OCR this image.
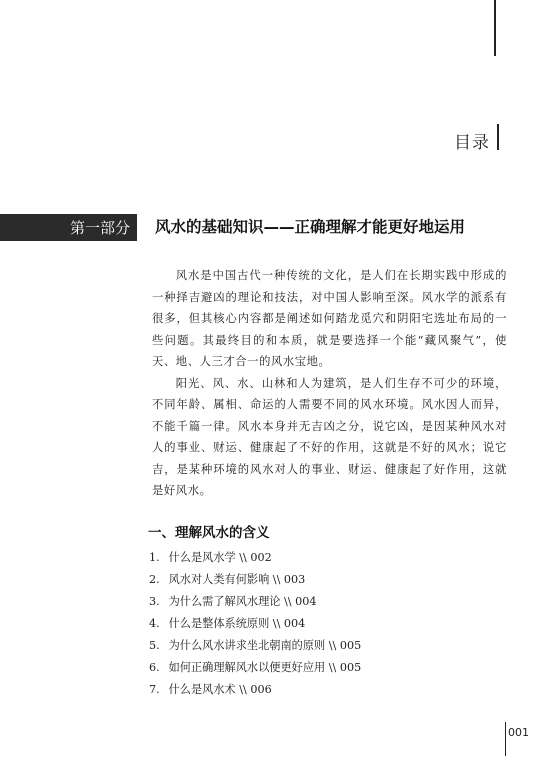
目录
第一部分 风水的基础知识——正确理解才能更好地运用

风水是中国古代一种传统的文化，是人们在长期实践中形成的一种择吉避凶的理论和技法，对中国人影响至深。风水学的派系有很多，但其核心内容都是阐述如何踏龙觅穴和阴阳宅选址布局的一些问题。其最终目的和本质，就是要选择一个能“藏风聚气”，使天、地、人三才合一的风水宝地。

阳光、风、水、山林和人为建筑，是人们生存不可少的环境，不同年龄、属相、命运的人需要不同的风水环境。风水因人而异，不能千篇一律。风水本身并无吉凶之分，说它凶，是因某种风水对人的事业、财运、健康起了不好的作用，这就是不好的风水；说它吉，是某种环境的风水对人的事业、财运、健康起了好作用，这就是好风水。

一、理解风水的含义
1. 什么是风水学 \\ 002
2. 风水对人类有何影响 \\ 003
3. 为什么需了解风水理论 \\ 004
4. 什么是整体系统原则 \\ 004
5. 为什么风水讲求坐北朝南的原则 \\ 005
6. 如何正确理解风水以便更好应用 \\ 005
7. 什么是风水术 \\ 006
001
